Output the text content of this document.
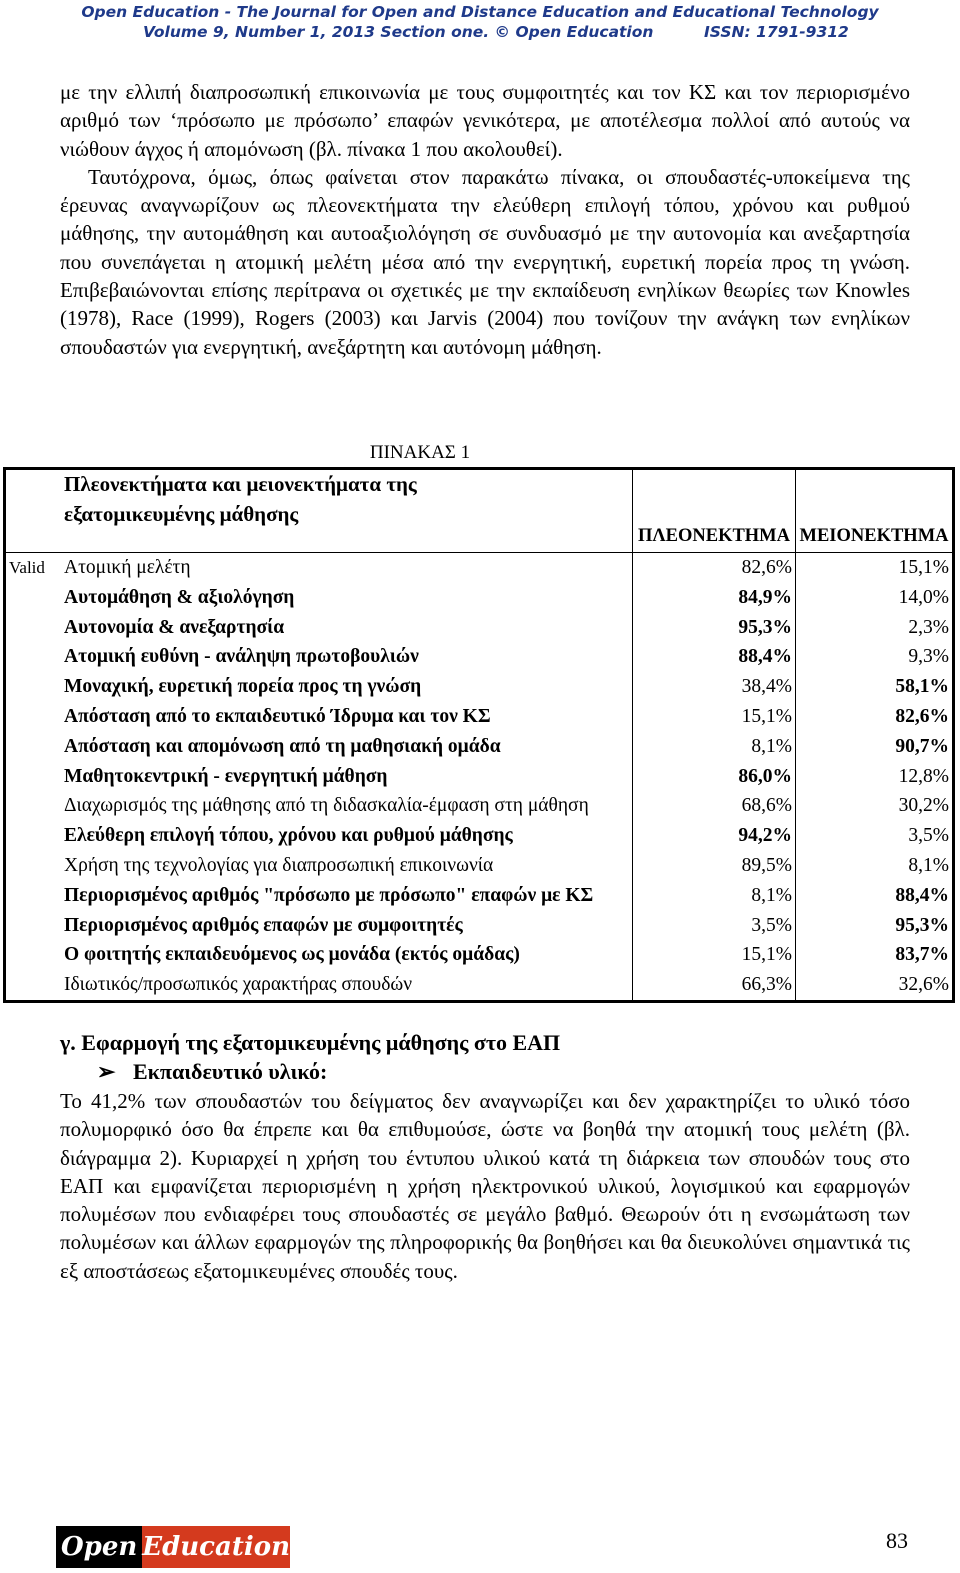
Open Education - The Journal for Open and Distance Education and Educational Technology
Volume 9, Number 1, 2013 Section one. © Open Education	ISSN: 1791-9312

με την ελλιπή διαπροσωπική επικοινωνία με τους συμφοιτητές και τον ΚΣ και τον περιορισμένο αριθμό των ‘πρόσωπο με πρόσωπο’ επαφών γενικότερα, με αποτέλεσμα πολλοί από αυτούς να νιώθουν άγχος ή απομόνωση (βλ. πίνακα 1 που ακολουθεί).

Ταυτόχρονα, όμως, όπως φαίνεται στον παρακάτω πίνακα, οι σπουδαστές-υποκείμενα της έρευνας αναγνωρίζουν ως πλεονεκτήματα την ελεύθερη επιλογή τόπου, χρόνου και ρυθμού μάθησης, την αυτομάθηση και αυτοαξιολόγηση σε συνδυασμό με την αυτονομία και ανεξαρτησία που συνεπάγεται η ατομική μελέτη μέσα από την ενεργητική, ευρετική πορεία προς τη γνώση. Επιβεβαιώνονται επίσης περίτρανα οι σχετικές με την εκπαίδευση ενηλίκων θεωρίες των Knowles (1978), Race (1999), Rogers (2003) και Jarvis (2004) που τονίζουν την ανάγκη των ενηλίκων σπουδαστών για ενεργητική, ανεξάρτητη και αυτόνομη μάθηση.

ΠΙΝΑΚΑΣ 1

	Πλεονεκτήματα και μειονεκτήματα της
εξατομικευμένης μάθησης	ΠΛΕΟΝΕΚΤΗΜΑ	ΜΕΙΟΝΕΚΤΗΜΑ
Valid	Ατομική μελέτη	82,6%	15,1%
	Αυτομάθηση & αξιολόγηση	84,9%	14,0%
	Αυτονομία & ανεξαρτησία	95,3%	2,3%
	Ατομική ευθύνη - ανάληψη πρωτοβουλιών	88,4%	9,3%
	Μοναχική, ευρετική πορεία προς τη γνώση	38,4%	58,1%
	Απόσταση από το εκπαιδευτικό Ίδρυμα και τον ΚΣ	15,1%	82,6%
	Απόσταση και απομόνωση από τη μαθησιακή ομάδα	8,1%	90,7%
	Μαθητοκεντρική - ενεργητική μάθηση	86,0%	12,8%
	Διαχωρισμός της μάθησης από τη διδασκαλία-έμφαση στη μάθηση	68,6%	30,2%
	Ελεύθερη επιλογή τόπου, χρόνου και ρυθμού μάθησης	94,2%	3,5%
	Χρήση της τεχνολογίας για διαπροσωπική επικοινωνία	89,5%	8,1%
	Περιορισμένος αριθμός "πρόσωπο με πρόσωπο" επαφών με ΚΣ	8,1%	88,4%
	Περιορισμένος αριθμός επαφών με συμφοιτητές	3,5%	95,3%
	Ο φοιτητής εκπαιδευόμενος ως μονάδα (εκτός ομάδας)	15,1%	83,7%
	Ιδιωτικός/προσωπικός χαρακτήρας σπουδών	66,3%	32,6%
γ. Εφαρμογή της εξατομικευμένης μάθησης στο ΕΑΠ
➢ Εκπαιδευτικό υλικό:

Το 41,2% των σπουδαστών του δείγματος δεν αναγνωρίζει και δεν χαρακτηρίζει το υλικό τόσο πολυμορφικό όσο θα έπρεπε και θα επιθυμούσε, ώστε να βοηθά την ατομική τους μελέτη (βλ. διάγραμμα 2). Κυριαρχεί η χρήση του έντυπου υλικού κατά τη διάρκεια των σπουδών τους στο ΕΑΠ και εμφανίζεται περιορισμένη η χρήση ηλεκτρονικού υλικού, λογισμικού και εφαρμογών πολυμέσων που ενδιαφέρει τους σπουδαστές σε μεγάλο βαθμό. Θεωρούν ότι η ενσωμάτωση των πολυμέσων και άλλων εφαρμογών της πληροφορικής θα βοηθήσει και θα διευκολύνει σημαντικά τις εξ αποστάσεως εξατομικευμένες σπουδές τους.

Open Education	83
